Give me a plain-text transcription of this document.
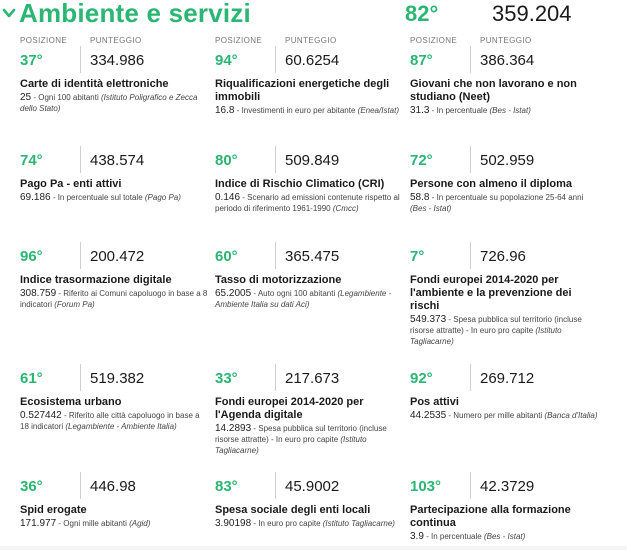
Ambiente e servizi	82° 359.204
POSIZIONE	PUNTEGGIO	POSIZIONE	PUNTEGGIO	POSIZIONE	PUNTEGGIO
37°	334.986
Carte di identità elettroniche
25 - Ogni 100 abitanti (Istituto Poligrafico e Zecca dello Stato)
94°	60.6254
Riqualificazioni energetiche degli immobili
16.8 - Investimenti in euro per abitante (Enea/Istat)
87°	386.364
Giovani che non lavorano e non studiano (Neet)
31.3 - In percentuale (Bes - Istat)
74°	438.574
Pago Pa - enti attivi
69.186 - In percentuale sul totale (Pago Pa)
80°	509.849
Indice di Rischio Climatico (CRI)
0.146 - Scenario ad emissioni contenute rispetto al periodo di riferimento 1961-1990 (Cmcc)
72°	502.959
Persone con almeno il diploma
58.8 - In percentuale su popolazione 25-64 anni (Bes - Istat)
96°	200.472
Indice trasormazione digitale
308.759 - Riferito ai Comuni capoluogo in base a 8 indicatori (Forum Pa)
60°	365.475
Tasso di motorizzazione
65.2005 - Auto ogni 100 abitanti (Legambiente - Ambiente Italia su dati Aci)
7°	726.96
Fondi europei 2014-2020 per l'ambiente e la prevenzione dei rischi
549.373 - Spesa pubblica sul territorio (incluse risorse attratte) - In euro pro capite (Istituto Tagliacarne)
61°	519.382
Ecosistema urbano
0.527442 - Riferito alle città capoluogo in base a 18 indicatori (Legambiente - Ambiente Italia)
33°	217.673
Fondi europei 2014-2020 per l'Agenda digitale
14.2893 - Spesa pubblica sul territorio (incluse risorse attratte) - In euro pro capite (Istituto Tagliacarne)
92°	269.712
Pos attivi
44.2535 - Numero per mille abitanti (Banca d'Italia)
36°	446.98
Spid erogate
171.977 - Ogni mille abitanti (Agid)
83°	45.9002
Spesa sociale degli enti locali
3.90198 - In euro pro capite (Istituto Tagliacarne)
103°	42.3729
Partecipazione alla formazione continua
3.9 - In percentuale (Bes - Istat)
